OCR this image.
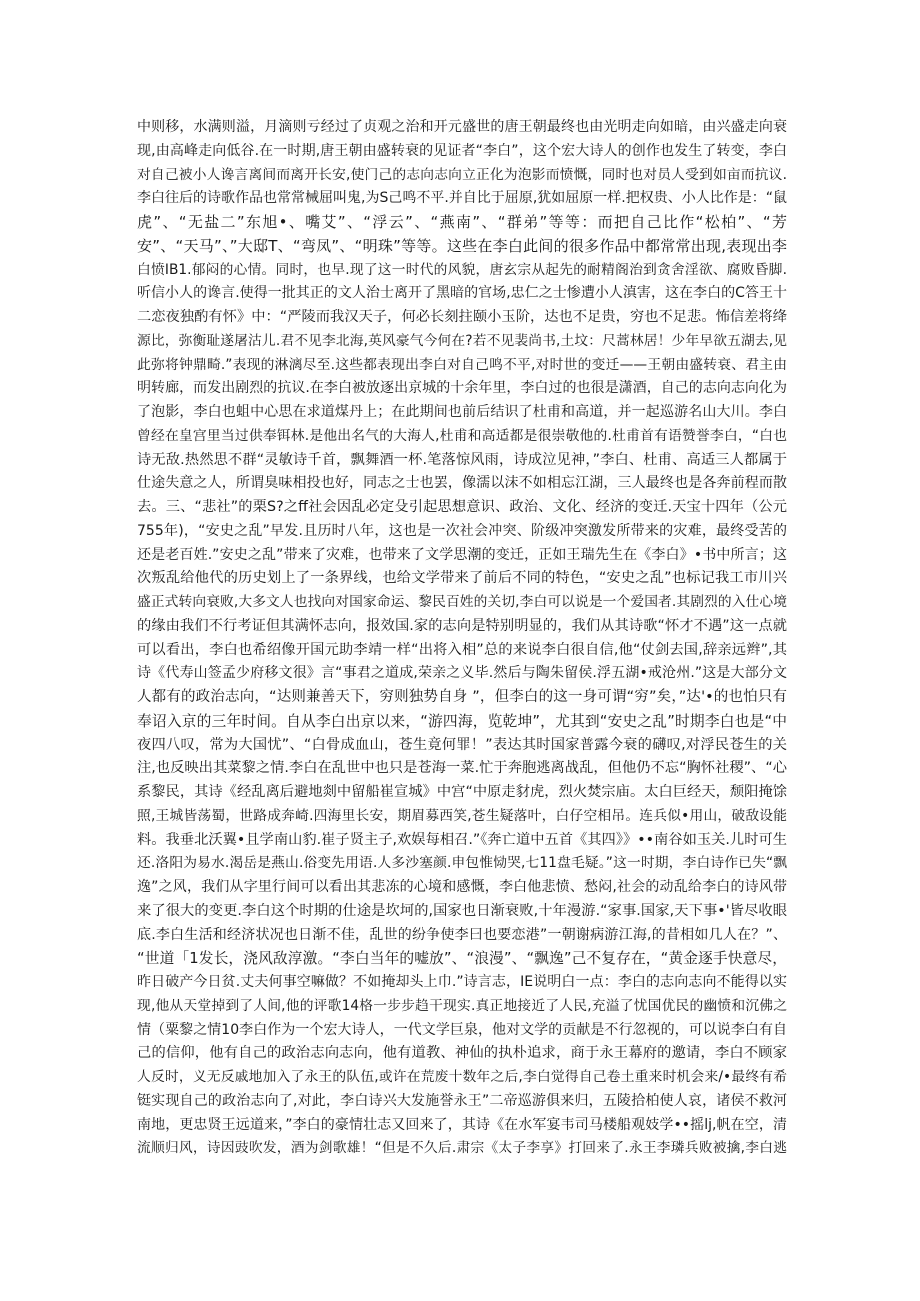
中则移，水满则溢，月滴则亏经过了贞观之治和开元盛世的唐王朝最终也由光明走向如暗，由兴盛走向衰
现,由高峰走向低谷.在一时期,唐王朝由盛转衰的见证者“李白”，这个宏大诗人的创作也发生了转变，李白
对自己被小人谗言离间而离开长安,使门己的志向志向立正化为泡影而愤慨，同时也对员人受到如亩而抗议.
李白往后的诗歌作品也常常械屈叫鬼,为S己鸣不平.并自比于屈原,犹如屈原一样.把权贵、小人比作是：“鼠
虎”、“无盐二”东旭•、嘴艾”、“浮云”、“燕南”、“群弟”等等：而把自己比作“松柏”、“芳
安”、“天马”、”大邸T、“弯凤”、“明珠”等等。这些在李白此间的很多作品中都常常出现,表现出李
白愤IB1.郁闷的心情。同时，也早.现了这一时代的风貌，唐玄宗从起先的耐精阁治到贪舍淫欲、腐败昏脚.
听信小人的谗言.使得一批其正的文人治士离开了黑暗的官场,忠仁之士惨遭小人滇害，这在李白的C答王十
二恋夜独酌有怀》中：“严陵而我汉天子，何必长刻拄颐小玉阶，达也不足贵，穷也不足悲。怖信差将绛
源比，弥衡耻遂屠沽儿.君不见李北海,英风豪气今何在?若不见裴尚书,土坟：尺蒿林居！少年早欲五湖去,见
此弥将钟鼎畸.”表现的淋漓尽至.这些都表现出李白对自己鸣不平,对时世的变迁——王朝由盛转衰、君主由
明转廊，而发出剧烈的抗议.在李白被放逐出京城的十余年里，李白过的也很是潇酒，自己的志向志向化为
了泡影，李白也蛆中心思在求道煤丹上；在此期间也前后结识了杜甫和高道，并一起巡游名山大川。李白
曾经在皇宫里当过供奉铒林.是他出名气的大海人,杜甫和高适都是很崇敬他的.杜甫首有语赞誉李白，“白也
诗无敌.热然思不群“灵敏诗千首，飘舞酒一杯.笔落惊风雨，诗成泣见神，”李白、杜甫、高适三人都属于
仕途失意之人，所谓臭味相投也好，同志之士也罢，像濡以沫不如相忘江湖，三人最终也是各奔前程而散
去。三、“悲社”的栗S?之ff社会因乱必定殳引起思想意识、政治、文化、经济的变迁.天宝十四年（公元
755年)，“安史之乱”早发.且历时八年，这也是一次社会冲突、阶级冲突激发所带来的灾难，最终受苦的
还是老百姓.”安史之乱”带来了灾难，也带来了文学思潮的变迁，正如王瑞先生在《李白》•书中所言；这
次叛乱给他代的历史划上了一条界线，也给文学带来了前后不同的特色，“安史之乱”也标记我工市川兴
盛正式转向衰败,大多文人也找向对国家命运、黎民百姓的关切,李白可以说是一个爱国者.其剧烈的入仕心境
的缘由我们不行考证但其满怀志向，报效国.家的志向是特别明显的，我们从其诗歌“怀才不遇”这一点就
可以看出，李白也希绍像开国元助李靖一样“出将入相”总的来说李白很自信,他“仗剑去国,辞亲远辫”,其
诗《代寿山签孟少府移文很》言“事君之道成,荣亲之义毕.然后与陶朱留侯.浮五湖•戒沧州.”这是大部分文
人都有的政治志向，“达则兼善天下，穷则独势自身 ”，但李白的这一身可谓“穷”矣，”达'•的也怕只有
奉诏入京的三年时间。自从李白出京以来，“游四海，览乾坤”，尤其到“安史之乱”时期李白也是“中
夜四八叹，常为大国忧”、“白骨成血山，苍生竟何罪！”表达其时国家普露今衰的礴叹,对浮民苍生的关
注,也反映出其菜黎之情.李白在乱世中也只是苍海一菜.忙于奔胞逃离战乱，但他仍不忘“胸怀社稷”、“心
系黎民，其诗《经乱离后避地剡中留船崔宣城》中宫“中原走豺虎，烈火焚宗庙。太白巨经天，颓阳掩馀
照,王城皆荡蜀，世路成奔崎.四海里长安，期眉募西笑,苍生疑落叶，白仔空相吊。连兵似•用山，破敌设能
料。我垂北沃翼•且学南山豹.崔子贤主子,欢娱每相召.”《奔亡道中五首《其四》》••南谷如玉关.儿时可生
还.洛阳为易水.渴岳是燕山.俗变先用语.人多沙塞颜.申包惟恸哭,七11盘毛疑。”这一时期，李白诗作已失“飘
逸”之风，我们从字里行间可以看出其悲冻的心境和感慨，李白他悲愤、愁闷,社会的动乱给李白的诗风带
来了很大的变更.李白这个时期的仕途是坎坷的,国家也日渐衰败,十年漫游.“家事.国家,天下事•'皆尽收眼
底.李白生活和经济状况也日渐不佳，乱世的纷争使李曰也要恋港”一朝谢病游江海,的昔相如几人在？”、
“世道「1发长，浇风敌淳激。“李白当年的嘘放”、“浪漫”、“飘逸”己不复存在，“黄金逐手快意尽，
昨日破产今日贫.丈夫何事空嘛做？不如掩却头上巾.”诗言志，IE说明白一点：李白的志向志向不能得以实
现,他从天堂掉到了人间,他的评歌14格一步步趋干现实.真正地接近了人民,充溢了忧国优民的幽愤和沉佛之
情（粟黎之情10李白作为一个宏大诗人，一代文学巨泉，他对文学的贡献是不行忽视的，可以说李白有自
己的信仰，他有自己的政治志向志向，他有道教、神仙的执朴追求，商于永王幕府的邀请，李白不顾家
人反时，义无反戚地加入了永王的队伍,或许在荒废十数年之后,李白觉得自己卷土重来时机会来/•最终有希
铤实现自己的政治志向了,对此，李白诗兴大发施誉永王”二帝巡游俱来归，五陵拾柏使人哀，诸侯不救河
南地，更忠贤王远道来，”李白的豪情壮志又回来了，其诗《在水军宴韦司马楼船观妓学••摇lj,帆在空，清
流顺归风，诗因豉吹发，酒为剑歌雄！“但是不久后.肃宗《太子李享》打回来了.永王李璘兵败被擒,李白逃
